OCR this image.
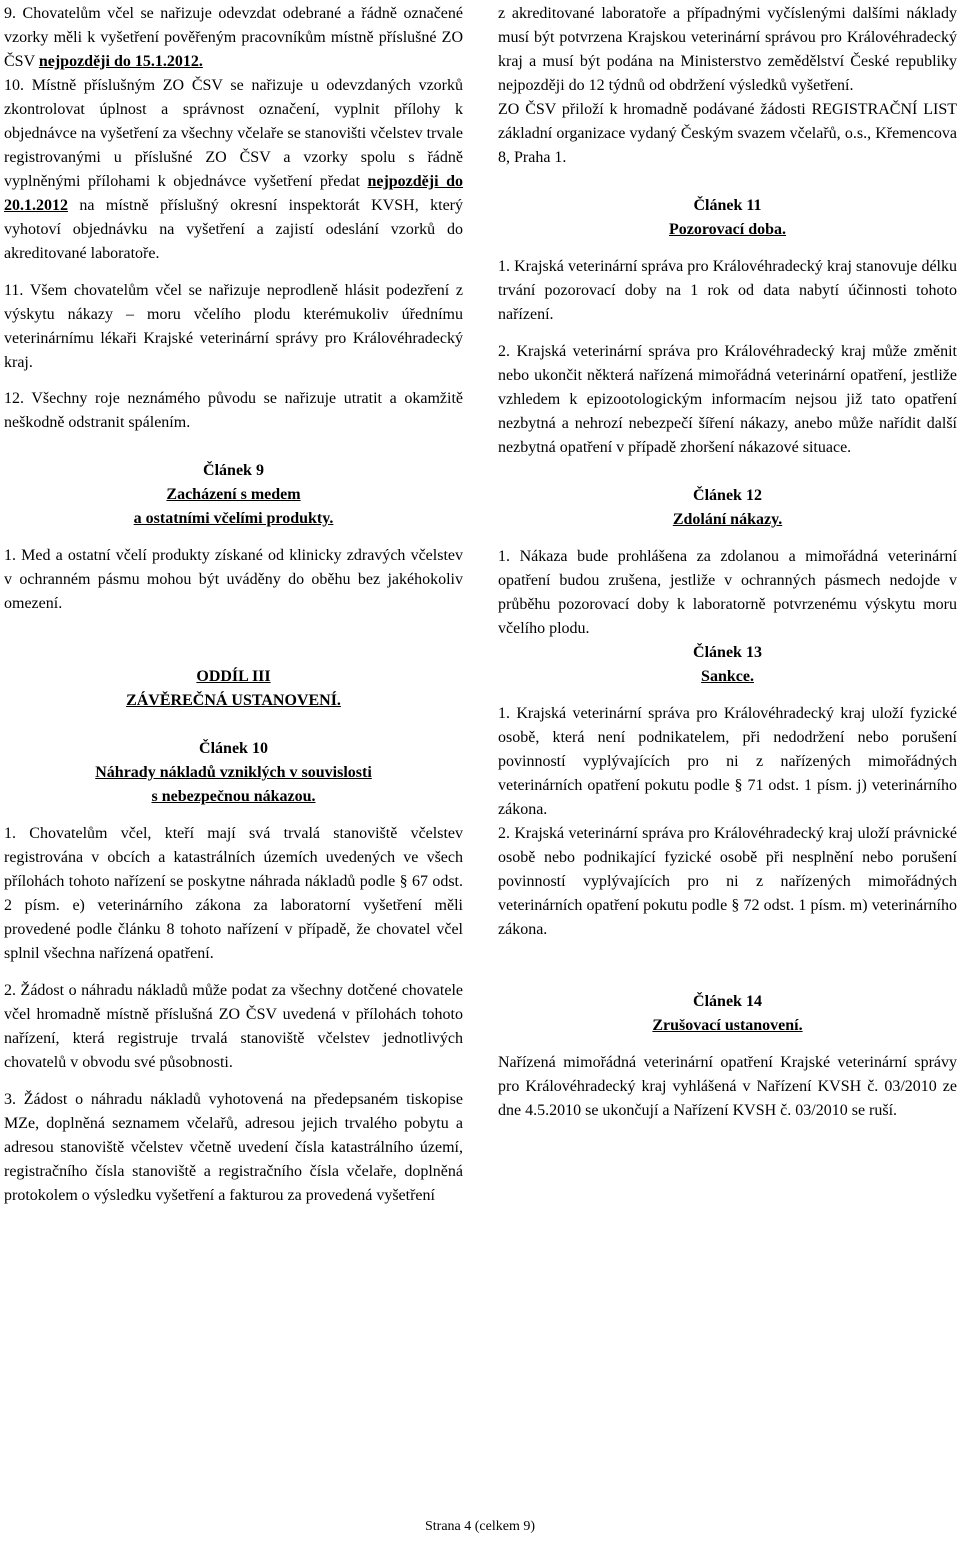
9. Chovatelům včel se nařizuje odevzdat odebrané a řádně označené vzorky měli k vyšetření pověřeným pracovníkům místně příslušné ZO ČSV nejpozději do 15.1.2012.

10. Místně příslušným ZO ČSV se nařizuje u odevzdaných vzorků zkontrolovat úplnost a správnost označení, vyplnit přílohy k objednávce na vyšetření za všechny včelaře se stanovišti včelstev trvale registrovanými u příslušné ZO ČSV a vzorky spolu s řádně vyplněnými přílohami k objednávce vyšetření předat nejpozději do 20.1.2012 na místně příslušný okresní inspektorát KVSH, který vyhotoví objednávku na vyšetření a zajistí odeslání vzorků do akreditované laboratoře.

11. Všem chovatelům včel se nařizuje neprodleně hlásit podezření z výskytu nákazy – moru včelího plodu kterémukoliv úřednímu veterinárnímu lékaři Krajské veterinární správy pro Královéhradecký kraj.

12. Všechny roje neznámého původu se nařizuje utratit a okamžitě neškodně odstranit spálením.

Článek 9

Zacházení s medem

a ostatními včelími produkty.

1. Med a ostatní včelí produkty získané od klinicky zdravých včelstev v ochranném pásmu mohou být uváděny do oběhu bez jakéhokoliv omezení.

ODDÍL III

ZÁVĚREČNÁ USTANOVENÍ.

Článek 10

Náhrady nákladů vzniklých v souvislosti

s nebezpečnou nákazou.

1. Chovatelům včel, kteří mají svá trvalá stanoviště včelstev registrována v obcích a katastrálních územích uvedených ve všech přílohách tohoto nařízení se poskytne náhrada nákladů podle § 67 odst. 2 písm. e) veterinárního zákona za laboratorní vyšetření měli provedené podle článku 8 tohoto nařízení v případě, že chovatel včel splnil všechna nařízená opatření.

2. Žádost o náhradu nákladů může podat za všechny dotčené chovatele včel hromadně místně příslušná ZO ČSV uvedená v přílohách tohoto nařízení, která registruje trvalá stanoviště včelstev jednotlivých chovatelů v obvodu své působnosti.

3. Žádost o náhradu nákladů vyhotovená na předepsaném tiskopise MZe, doplněná seznamem včelařů, adresou jejich trvalého pobytu a adresou stanoviště včelstev včetně uvedení čísla katastrálního území, registračního čísla stanoviště a registračního čísla včelaře, doplněná protokolem o výsledku vyšetření a fakturou za provedená vyšetření

z akreditované laboratoře a případnými vyčíslenými dalšími náklady musí být potvrzena Krajskou veterinární správou pro Královéhradecký kraj a musí být podána na Ministerstvo zemědělství České republiky nejpozději do 12 týdnů od obdržení výsledků vyšetření.

ZO ČSV přiloží k hromadně podávané žádosti REGISTRAČNÍ LIST základní organizace vydaný Českým svazem včelařů, o.s., Křemencova 8, Praha 1.

Článek 11

Pozorovací doba.

1. Krajská veterinární správa pro Královéhradecký kraj stanovuje délku trvání pozorovací doby na 1 rok od data nabytí účinnosti tohoto nařízení.

2. Krajská veterinární správa pro Královéhradecký kraj může změnit nebo ukončit některá nařízená mimořádná veterinární opatření, jestliže vzhledem k epizootologickým informacím nejsou již tato opatření nezbytná a nehrozí nebezpečí šíření nákazy, anebo může nařídit další nezbytná opatření v případě zhoršení nákazové situace.

Článek 12

Zdolání nákazy.

1. Nákaza bude prohlášena za zdolanou a mimořádná veterinární opatření budou zrušena, jestliže v ochranných pásmech nedojde v průběhu pozorovací doby k laboratorně potvrzenému výskytu moru včelího plodu.

Článek 13

Sankce.

1. Krajská veterinární správa pro Královéhradecký kraj uloží fyzické osobě, která není podnikatelem, při nedodržení nebo porušení povinností vyplývajících pro ni z nařízených mimořádných veterinárních opatření pokutu podle § 71 odst. 1 písm. j) veterinárního zákona.

2. Krajská veterinární správa pro Královéhradecký kraj uloží právnické osobě nebo podnikající fyzické osobě při nesplnění nebo porušení povinností vyplývajících pro ni z nařízených mimořádných veterinárních opatření pokutu podle § 72 odst. 1 písm. m) veterinárního zákona.

Článek 14

Zrušovací ustanovení.

Nařízená mimořádná veterinární opatření Krajské veterinární správy pro Královéhradecký kraj vyhlášená v Nařízení KVSH č. 03/2010 ze dne 4.5.2010 se ukončují a Nařízení KVSH č. 03/2010 se ruší.

Strana 4 (celkem 9)
